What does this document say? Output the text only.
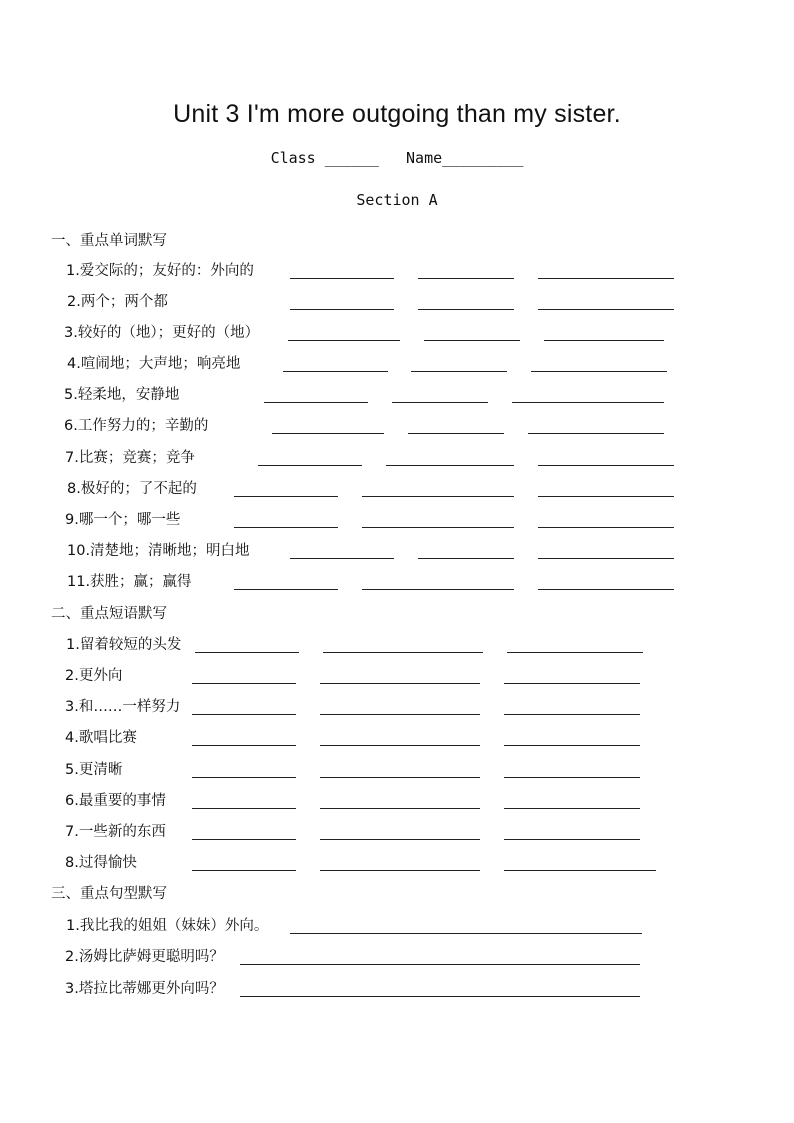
Unit 3 I'm more outgoing than my sister.
Class ______   Name_________
Section A
一、重点单词默写
1.爱交际的；友好的：外向的
2.两个；两个都
3.较好的（地）；更好的（地）
4.喧闹地；大声地；响亮地
5.轻柔地，安静地
6.工作努力的；辛勤的
7.比赛；竞赛；竞争
8.极好的；了不起的
9.哪一个；哪一些
10.清楚地；清晰地；明白地
11.获胜；赢；赢得
二、重点短语默写
1.留着较短的头发
2.更外向
3.和……一样努力
4.歌唱比赛
5.更清晰
6.最重要的事情
7.一些新的东西
8.过得愉快
三、重点句型默写
1.我比我的姐姐（妹妹）外向。
2.汤姆比萨姆更聪明吗？
3.塔拉比蒂娜更外向吗？
